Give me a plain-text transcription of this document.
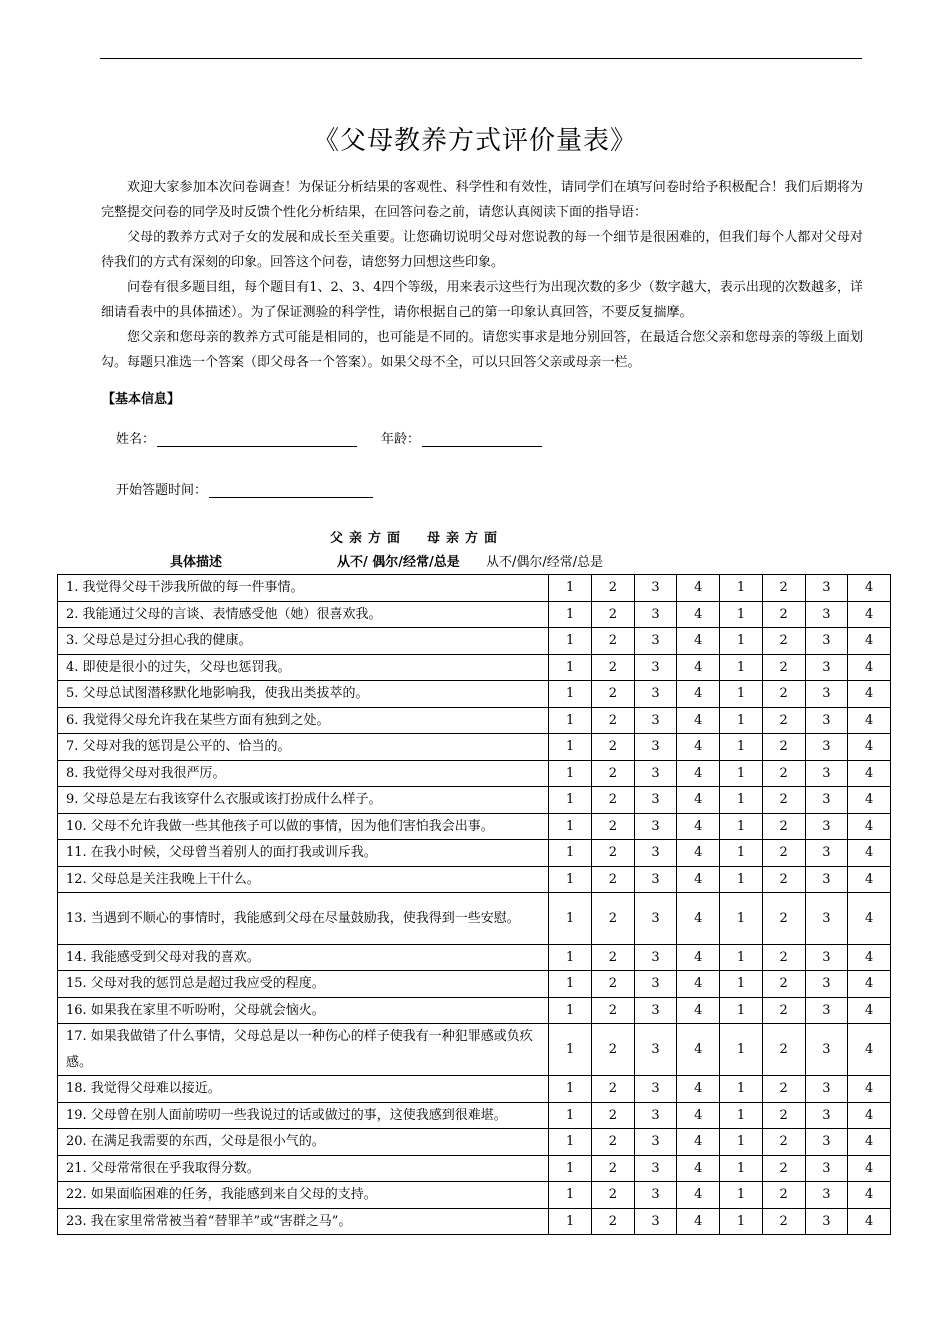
《父母教养方式评价量表》

欢迎大家参加本次问卷调查！为保证分析结果的客观性、科学性和有效性，请同学们在填写问卷时给予积极配合！我们后期将为完整提交问卷的同学及时反馈个性化分析结果，在回答问卷之前，请您认真阅读下面的指导语：

父母的教养方式对子女的发展和成长至关重要。让您确切说明父母对您说教的每一个细节是很困难的，但我们每个人都对父母对待我们的方式有深刻的印象。回答这个问卷，请您努力回想这些印象。

问卷有很多题目组，每个题目有1、2、3、4四个等级，用来表示这些行为出现次数的多少（数字越大，表示出现的次数越多，详细请看表中的具体描述）。为了保证测验的科学性，请你根据自己的第一印象认真回答，不要反复揣摩。

您父亲和您母亲的教养方式可能是相同的，也可能是不同的。请您实事求是地分别回答，在最适合您父亲和您母亲的等级上面划勾。每题只准选一个答案（即父母各一个答案）。如果父母不全，可以只回答父亲或母亲一栏。

【基本信息】
姓名：	年龄：
开始答题时间：
父亲方面  母亲方面
具体描述	从不/ 偶尔/经常/总是 从不/偶尔/经常/总是
1. 我觉得父母干涉我所做的每一件事情。	1	2	3	4	1	2	3	4
2. 我能通过父母的言谈、表情感受他（她）很喜欢我。	1	2	3	4	1	2	3	4
3. 父母总是过分担心我的健康。	1	2	3	4	1	2	3	4
4. 即使是很小的过失，父母也惩罚我。	1	2	3	4	1	2	3	4
5. 父母总试图潜移默化地影响我，使我出类拔萃的。	1	2	3	4	1	2	3	4
6. 我觉得父母允许我在某些方面有独到之处。	1	2	3	4	1	2	3	4
7. 父母对我的惩罚是公平的、恰当的。	1	2	3	4	1	2	3	4
8. 我觉得父母对我很严厉。	1	2	3	4	1	2	3	4
9. 父母总是左右我该穿什么衣服或该打扮成什么样子。	1	2	3	4	1	2	3	4
10. 父母不允许我做一些其他孩子可以做的事情，因为他们害怕我会出事。	1	2	3	4	1	2	3	4
11. 在我小时候，父母曾当着别人的面打我或训斥我。	1	2	3	4	1	2	3	4
12. 父母总是关注我晚上干什么。	1	2	3	4	1	2	3	4
13. 当遇到不顺心的事情时，我能感到父母在尽量鼓励我，使我得到一些安慰。	1	2	3	4	1	2	3	4
14. 我能感受到父母对我的喜欢。	1	2	3	4	1	2	3	4
15. 父母对我的惩罚总是超过我应受的程度。	1	2	3	4	1	2	3	4
16. 如果我在家里不听吩咐，父母就会恼火。	1	2	3	4	1	2	3	4
17. 如果我做错了什么事情，父母总是以一种伤心的样子使我有一种犯罪感或负疚感。	1	2	3	4	1	2	3	4
18. 我觉得父母难以接近。	1	2	3	4	1	2	3	4
19. 父母曾在别人面前唠叨一些我说过的话或做过的事，这使我感到很难堪。	1	2	3	4	1	2	3	4
20. 在满足我需要的东西，父母是很小气的。	1	2	3	4	1	2	3	4
21. 父母常常很在乎我取得分数。	1	2	3	4	1	2	3	4
22. 如果面临困难的任务，我能感到来自父母的支持。	1	2	3	4	1	2	3	4
23. 我在家里常常被当着“替罪羊”或“害群之马”。	1	2	3	4	1	2	3	4
